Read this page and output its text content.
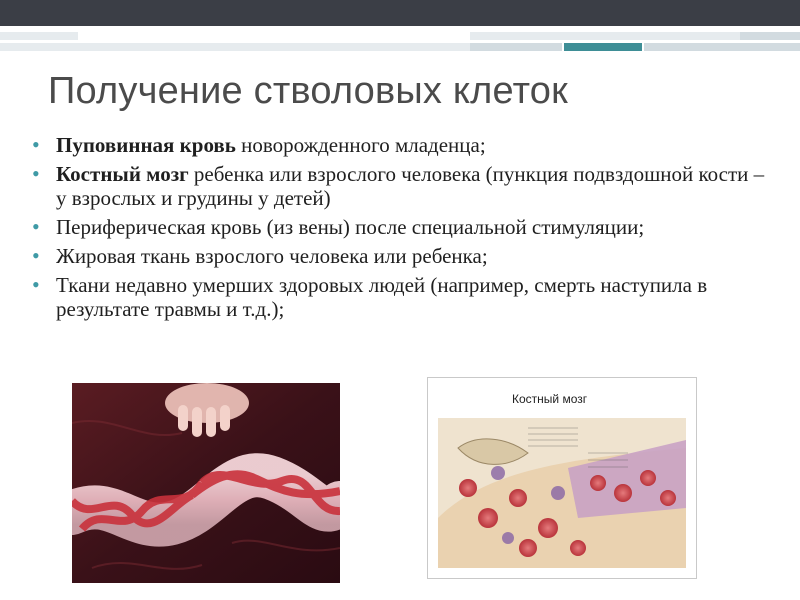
Получение стволовых клеток
• Пуповинная кровь новорожденного младенца;
• Костный мозг ребенка или взрослого человека (пункция подвздошной кости – у взрослых и грудины у детей)
• Периферическая кровь (из вены) после специальной стимуляции;
• Жировая ткань взрослого человека или ребенка;
• Ткани недавно умерших здоровых людей (например, смерть наступила в результате травмы и т.д.);
Костный мозг
